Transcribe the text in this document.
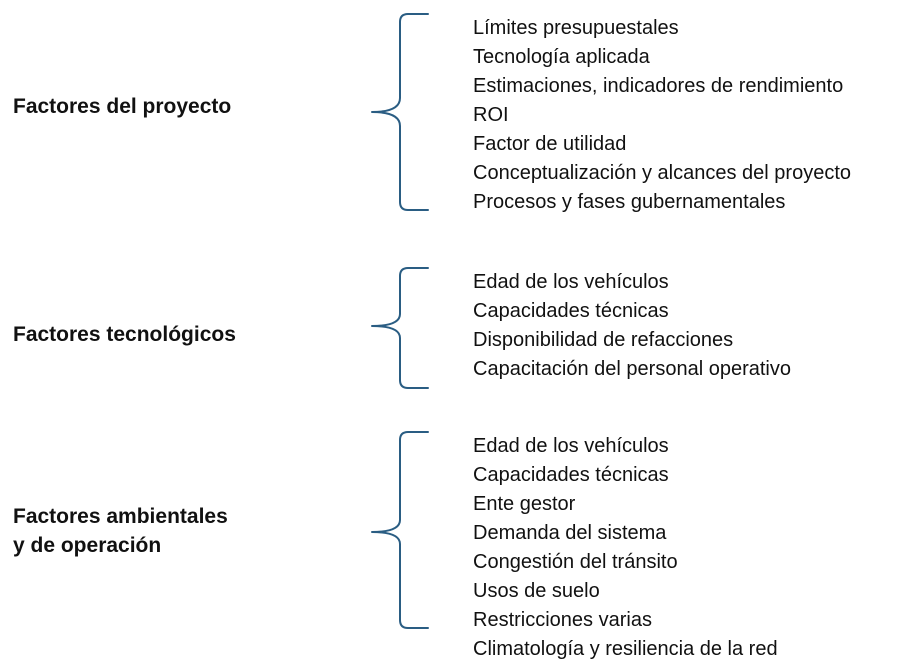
Factores del proyecto
Límites presupuestales
Tecnología aplicada
Estimaciones, indicadores de rendimiento
ROI
Factor de utilidad
Conceptualización y alcances del proyecto
Procesos y fases gubernamentales
Factores tecnológicos
Edad de los vehículos
Capacidades técnicas
Disponibilidad de refacciones
Capacitación del personal operativo
Factores ambientales
y de operación
Edad de los vehículos
Capacidades técnicas
Ente gestor
Demanda del sistema
Congestión del tránsito
Usos de suelo
Restricciones varias
Climatología y resiliencia de la red
